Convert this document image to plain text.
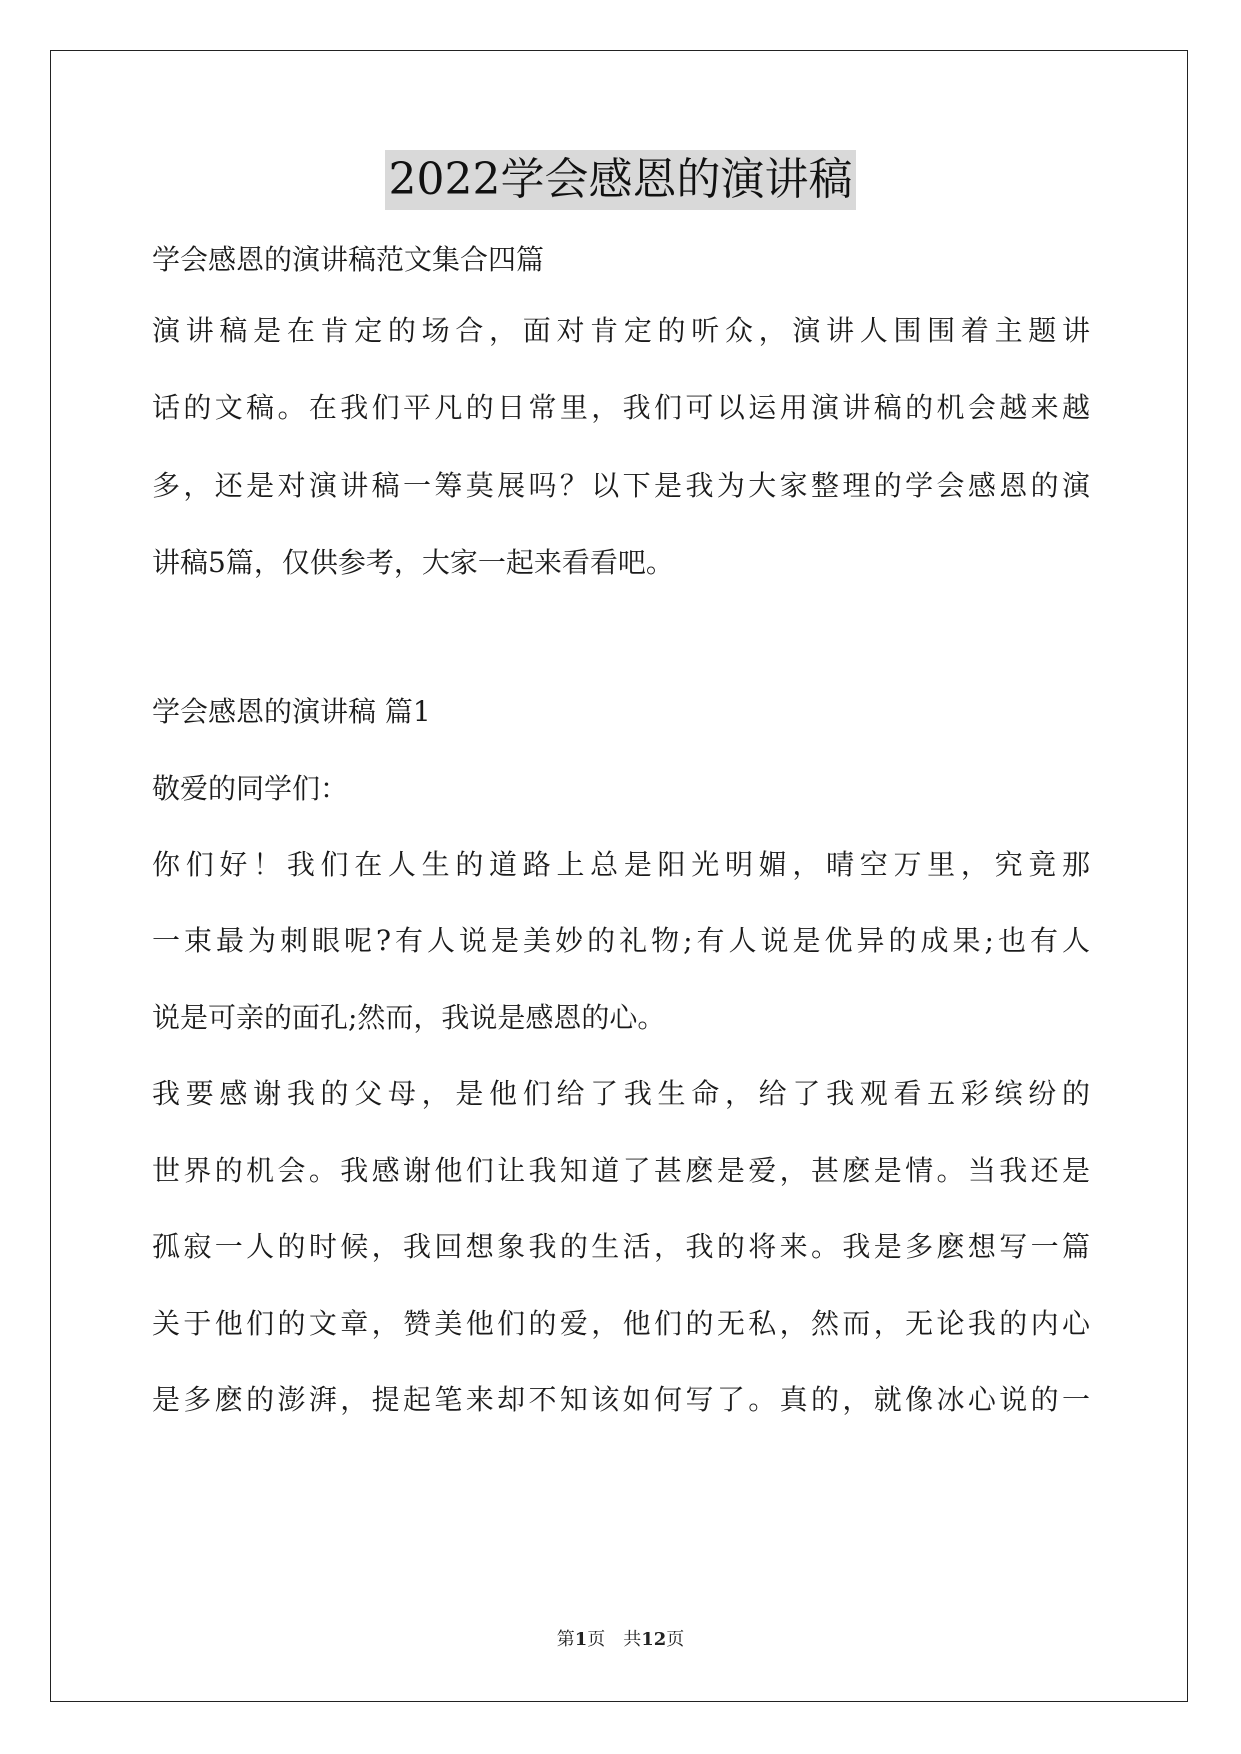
2022学会感恩的演讲稿
学会感恩的演讲稿范文集合四篇
演讲稿是在肯定的场合，面对肯定的听众，演讲人围围着主题讲
话的文稿。在我们平凡的日常里，我们可以运用演讲稿的机会越来越
多，还是对演讲稿一筹莫展吗？以下是我为大家整理的学会感恩的演
讲稿5篇，仅供参考，大家一起来看看吧。
学会感恩的演讲稿 篇1
敬爱的同学们：
你们好！我们在人生的道路上总是阳光明媚，晴空万里，究竟那
一束最为刺眼呢?有人说是美妙的礼物;有人说是优异的成果;也有人
说是可亲的面孔;然而，我说是感恩的心。
我要感谢我的父母，是他们给了我生命，给了我观看五彩缤纷的
世界的机会。我感谢他们让我知道了甚麽是爱，甚麽是情。当我还是
孤寂一人的时候，我回想象我的生活，我的将来。我是多麽想写一篇
关于他们的文章，赞美他们的爱，他们的无私，然而，无论我的内心
是多麽的澎湃，提起笔来却不知该如何写了。真的，就像冰心说的一
第1页　共12页
